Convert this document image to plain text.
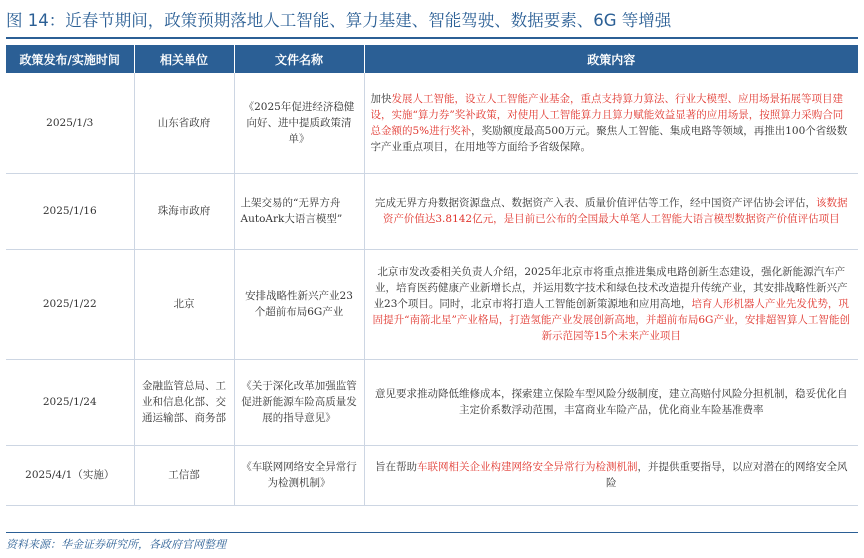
图 14：近春节期间，政策预期落地人工智能、算力基建、智能驾驶、数据要素、6G 等增强
政策发布/实施时间	相关单位	文件名称	政策内容
2025/1/3	山东省政府	《2025年促进经济稳健向好、进中提质政策清单》	加快发展人工智能，设立人工智能产业基金，重点支持算力算法、行业大模型、应用场景拓展等项目建设，实施“算力券”奖补政策，对使用人工智能算力且算力赋能效益显著的应用场景，按照算力采购合同总金额的5%进行奖补，奖励额度最高500万元。聚焦人工智能、集成电路等领域，再推出100个省级数字产业重点项目，在用地等方面给予省级保障。
2025/1/16	珠海市政府	上架交易的“无界方舟AutoArk大语言模型”	完成无界方舟数据资源盘点、数据资产入表、质量价值评估等工作，经中国资产评估协会评估，该数据资产价值达3.8142亿元，是目前已公布的全国最大单笔人工智能大语言模型数据资产价值评估项目
2025/1/22	北京	安排战略性新兴产业23个超前布局6G产业	北京市发改委相关负责人介绍，2025年北京市将重点推进集成电路创新生态建设，强化新能源汽车产业，培育医药健康产业新增长点，并运用数字技术和绿色技术改造提升传统产业，其安排战略性新兴产业23个项目。同时，北京市将打造人工智能创新策源地和应用高地，培育人形机器人产业先发优势，巩固提升“南箭北星”产业格局，打造氢能产业发展创新高地，并超前布局6G产业，安排超智算人工智能创新示范园等15个未来产业项目
2025/1/24	金融监管总局、工业和信息化部、交通运输部、商务部	《关于深化改革加强监管促进新能源车险高质量发展的指导意见》	意见要求推动降低维修成本，探索建立保险车型风险分级制度，建立高赔付风险分担机制，稳妥优化自主定价系数浮动范围，丰富商业车险产品，优化商业车险基准费率
2025/4/1（实施）	工信部	《车联网网络安全异常行为检测机制》	旨在帮助车联网相关企业构建网络安全异常行为检测机制，并提供重要指导，以应对潜在的网络安全风险
资料来源：华金证券研究所，各政府官网整理
